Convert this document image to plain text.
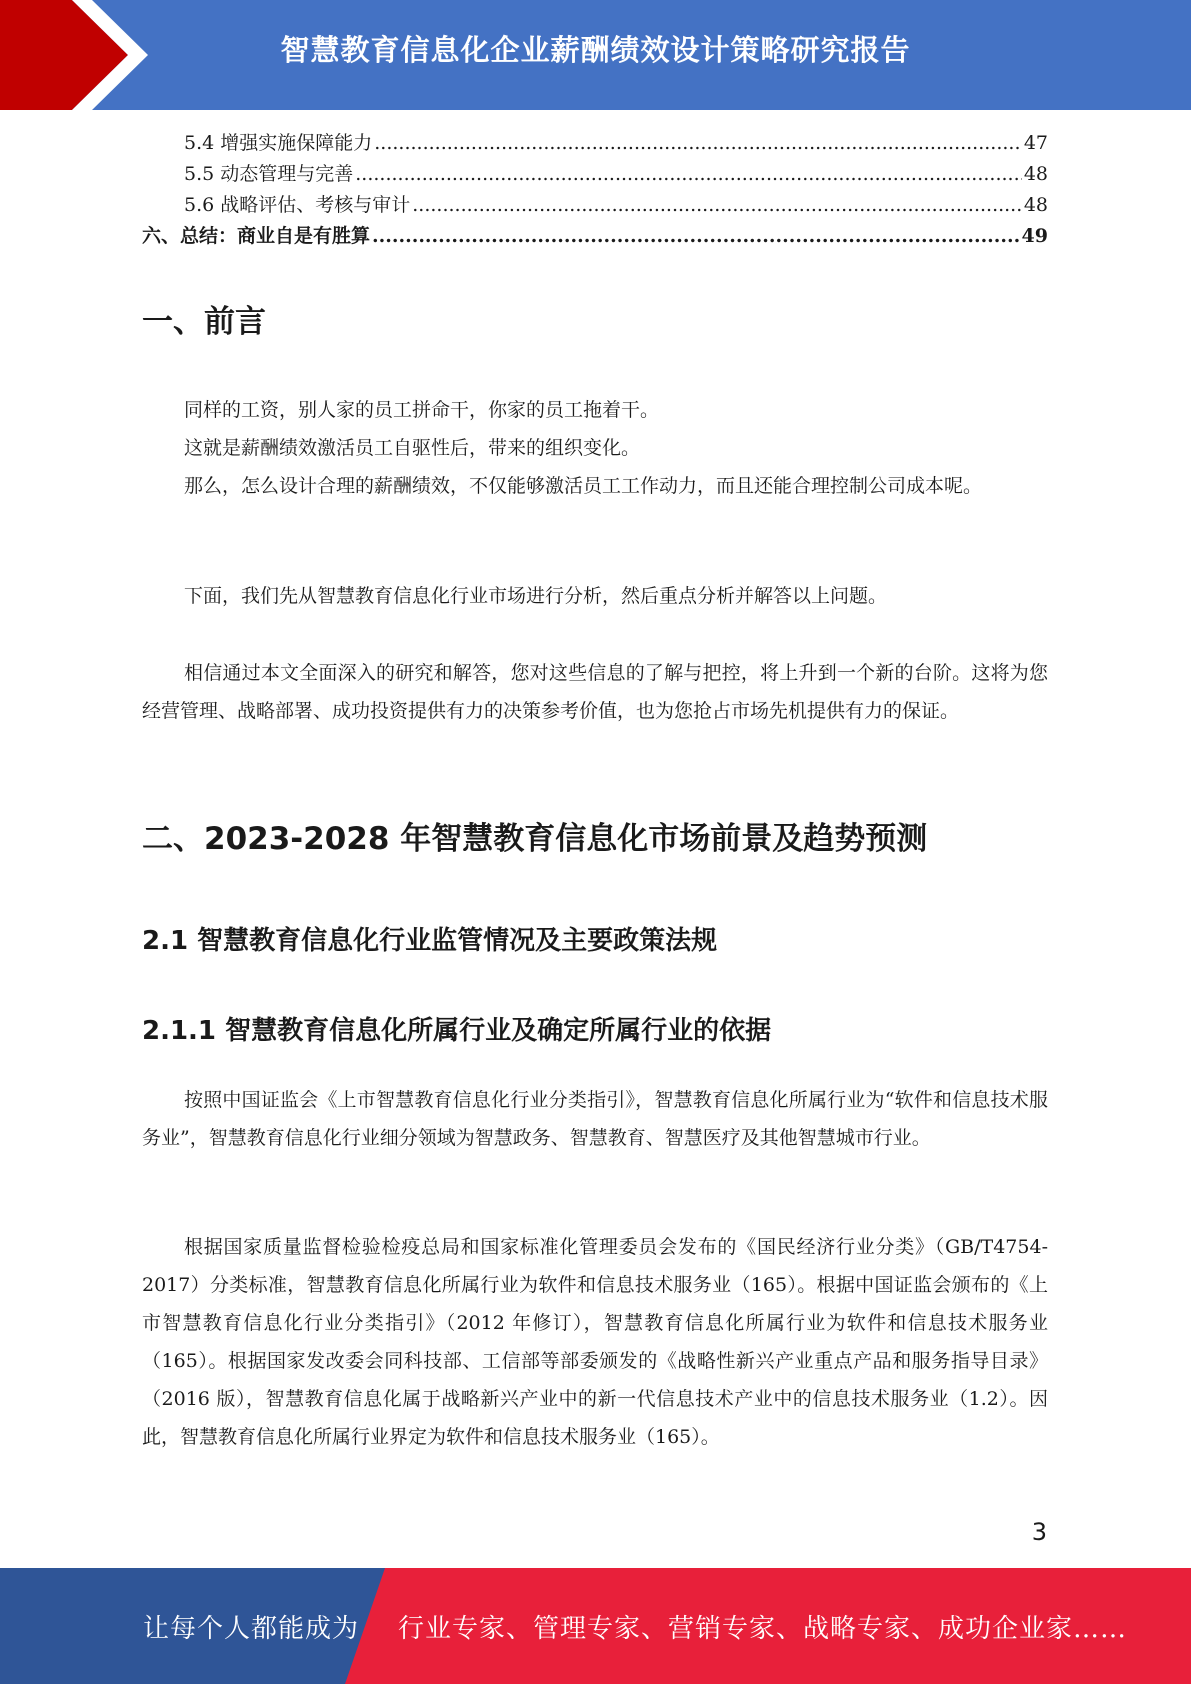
智慧教育信息化企业薪酬绩效设计策略研究报告
5.4 增强实施保障能力 .....	47
5.5 动态管理与完善 .....	48
5.6 战略评估、考核与审计 .....	48
六、总结：商业自是有胜算 .....	49
一、前言

同样的工资，别人家的员工拼命干，你家的员工拖着干。

这就是薪酬绩效激活员工自驱性后，带来的组织变化。

那么，怎么设计合理的薪酬绩效，不仅能够激活员工工作动力，而且还能合理控制公司成本呢。

下面，我们先从智慧教育信息化行业市场进行分析，然后重点分析并解答以上问题。

相信通过本文全面深入的研究和解答，您对这些信息的了解与把控，将上升到一个新的台阶。这将为您经营管理、战略部署、成功投资提供有力的决策参考价值，也为您抢占市场先机提供有力的保证。

二、2023-2028 年智慧教育信息化市场前景及趋势预测
2.1 智慧教育信息化行业监管情况及主要政策法规
2.1.1 智慧教育信息化所属行业及确定所属行业的依据

按照中国证监会《上市智慧教育信息化行业分类指引》，智慧教育信息化所属行业为“软件和信息技术服务业”，智慧教育信息化行业细分领域为智慧政务、智慧教育、智慧医疗及其他智慧城市行业。

根据国家质量监督检验检疫总局和国家标准化管理委员会发布的《国民经济行业分类》（GB/T4754-2017）分类标准，智慧教育信息化所属行业为软件和信息技术服务业（165）。根据中国证监会颁布的《上市智慧教育信息化行业分类指引》（2012 年修订），智慧教育信息化所属行业为软件和信息技术服务业（165）。根据国家发改委会同科技部、工信部等部委颁发的《战略性新兴产业重点产品和服务指导目录》（2016 版），智慧教育信息化属于战略新兴产业中的新一代信息技术产业中的信息技术服务业（1.2）。因此，智慧教育信息化所属行业界定为软件和信息技术服务业（165）。

3
让每个人都能成为 行业专家、管理专家、营销专家、战略专家、成功企业家……
